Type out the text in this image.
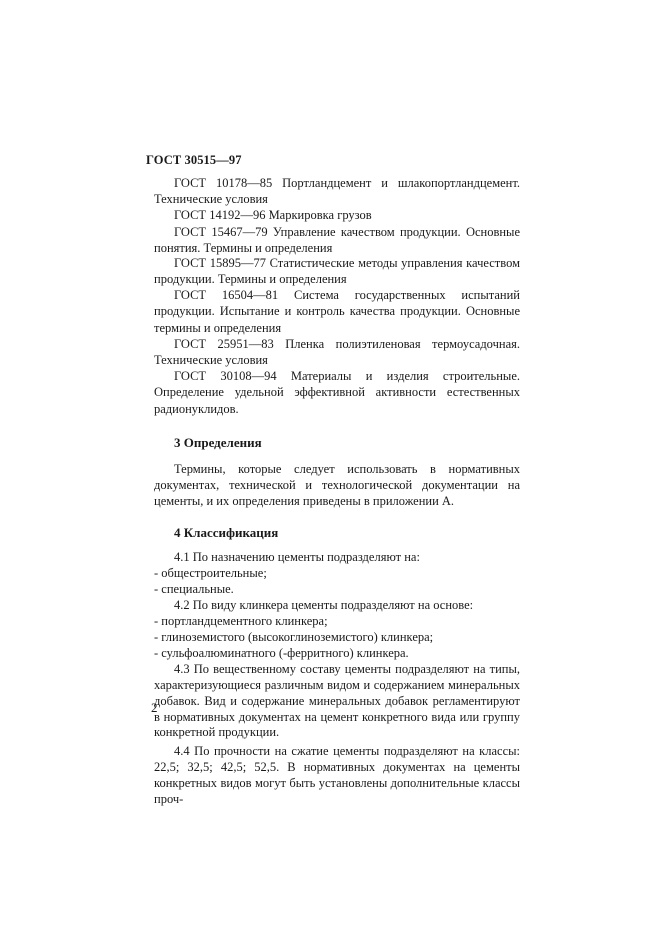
ГОСТ 30515—97

ГОСТ 10178—85 Портландцемент и шлакопортландцемент. Технические условия

ГОСТ 14192—96 Маркировка грузов

ГОСТ 15467—79 Управление качеством продукции. Основные понятия. Термины и определения

ГОСТ 15895—77 Статистические методы управления качеством продукции. Термины и определения

ГОСТ 16504—81 Система государственных испытаний продукции. Испытание и контроль качества продукции. Основные термины и определения

ГОСТ 25951—83 Пленка полиэтиленовая термоусадочная. Технические условия

ГОСТ 30108—94 Материалы и изделия строительные. Определение удельной эффективной активности естественных радионуклидов.

3 Определения

Термины, которые следует использовать в нормативных документах, технической и технологической документации на цементы, и их определения приведены в приложении А.

4 Классификация

4.1 По назначению цементы подразделяют на:

- общестроительные;

- специальные.

4.2 По виду клинкера цементы подразделяют на основе:

- портландцементного клинкера;

- глиноземистого (высокоглиноземистого) клинкера;

- сульфоалюминатного (-ферритного) клинкера.

4.3 По вещественному составу цементы подразделяют на типы, характеризующиеся различным видом и содержанием минеральных добавок. Вид и содержание минеральных добавок регламентируют в нормативных документах на цемент конкретного вида или группу конкретной продукции.

4.4 По прочности на сжатие цементы подразделяют на классы: 22,5; 32,5; 42,5; 52,5. В нормативных документах на цементы конкретных видов могут быть установлены дополнительные классы проч-

2
